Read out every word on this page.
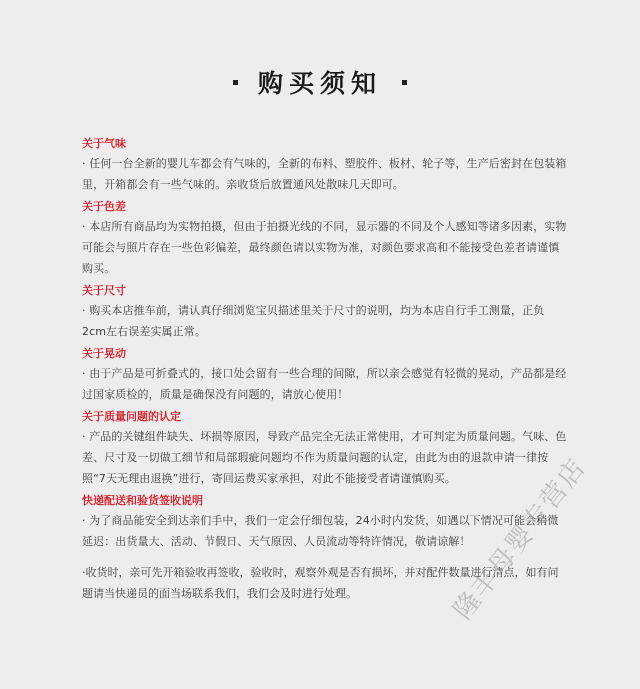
购买须知
关于气味
· 任何一台全新的婴儿车都会有气味的，全新的布料、塑胶件、板材、轮子等，生产后密封在包装箱里，开箱都会有一些气味的。亲收货后放置通风处散味几天即可。
关于色差
· 本店所有商品均为实物拍摄，但由于拍摄光线的不同，显示器的不同及个人感知等诸多因素，实物可能会与照片存在一些色彩偏差，最终颜色请以实物为准，对颜色要求高和不能接受色差者请谨慎购买。
关于尺寸
· 购买本店推车前，请认真仔细浏览宝贝描述里关于尺寸的说明，均为本店自行手工测量，正负2cm左右误差实属正常。
关于晃动
· 由于产品是可折叠式的，接口处会留有一些合理的间隙，所以亲会感觉有轻微的晃动，产品都是经过国家质检的，质量是确保没有问题的，请放心使用！
关于质量问题的认定
· 产品的关键组件缺失、坏损等原因，导致产品完全无法正常使用，才可判定为质量问题。气味、色差、尺寸及一切做工细节和局部瑕疵问题均不作为质量问题的认定，由此为由的退款申请一律按照“7天无理由退换”进行，寄回运费买家承担，对此不能接受者请谨慎购买。
快递配送和验货签收说明
· 为了商品能安全到达亲们手中，我们一定会仔细包装，24小时内发货，如遇以下情况可能会稍微延迟：出货量大、活动、节假日、天气原因、人员流动等特许情况，敬请谅解！
·收货时，亲可先开箱验收再签收，验收时，观察外观是否有损坏，并对配件数量进行清点，如有问题请当快递员的面当场联系我们，我们会及时进行处理。	隆丰母婴专营店
